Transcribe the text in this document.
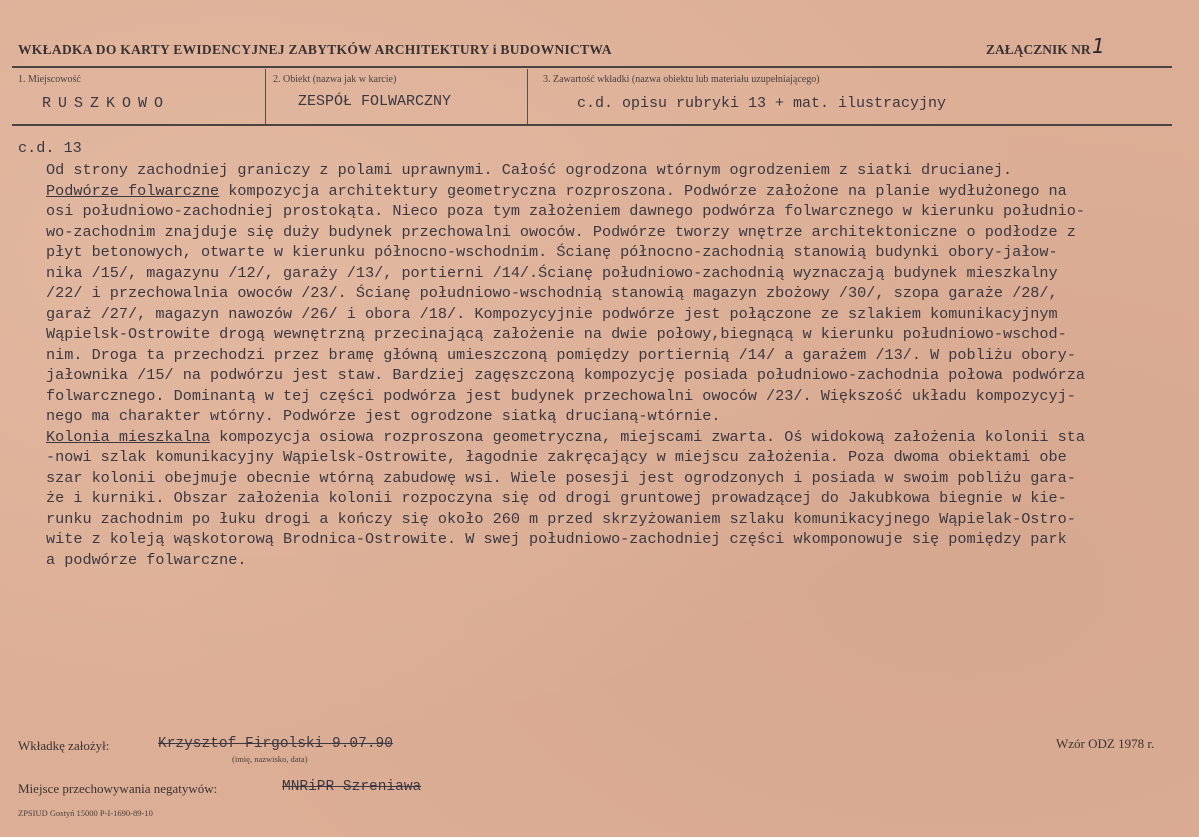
WKŁADKA DO KARTY EWIDENCYJNEJ ZABYTKÓW ARCHITEKTURY i BUDOWNICTWA	ZAŁĄCZNIK NR 1
1. Miejscowość
RUSZKOWO
2. Obiekt (nazwa jak w karcie)
ZESPÓŁ FOLWARCZNY
3. Zawartość wkładki (nazwa obiektu lub materiału uzupełniającego)
c.d. opisu rubryki 13 + mat. ilustracyjny
c.d. 13
Od strony zachodniej graniczy z polami uprawnymi. Całość ogrodzona wtórnym ogrodzeniem z siatki drucianej.
Podwórze folwarczne kompozycja architektury geometryczna rozproszona. Podwórze założone na planie wydłużonego na
osi południowo-zachodniej prostokąta. Nieco poza tym założeniem dawnego podwórza folwarcznego w kierunku południo-
wo-zachodnim znajduje się duży budynek przechowalni owoców. Podwórze tworzy wnętrze architektoniczne o podłodze z
płyt betonowych, otwarte w kierunku północno-wschodnim. Ścianę północno-zachodnią stanowią budynki obory-jałow-
nika /15/, magazynu /12/, garaży /13/, portierni /14/.Ścianę południowo-zachodnią wyznaczają budynek mieszkalny
/22/ i przechowalnia owoców /23/. Ścianę południowo-wschodnią stanowią magazyn zbożowy /30/, szopa garaże /28/,
garaż /27/, magazyn nawozów /26/ i obora /18/. Kompozycyjnie podwórze jest połączone ze szlakiem komunikacyjnym
Wąpielsk-Ostrowite drogą wewnętrzną przecinającą założenie na dwie połowy,biegnącą w kierunku południowo-wschod-
nim. Droga ta przechodzi przez bramę główną umieszczoną pomiędzy portiernią /14/ a garażem /13/. W pobliżu obory-
jałownika /15/ na podwórzu jest staw. Bardziej zagęszczoną kompozycję posiada południowo-zachodnia połowa podwórza
folwarcznego. Dominantą w tej części podwórza jest budynek przechowalni owoców /23/. Większość układu kompozycyj-
nego ma charakter wtórny. Podwórze jest ogrodzone siatką drucianą-wtórnie.
Kolonia mieszkalna kompozycja osiowa rozproszona geometryczna, miejscami zwarta. Oś widokową założenia kolonii sta
-nowi szlak komunikacyjny Wąpielsk-Ostrowite, łagodnie zakręcający w miejscu założenia. Poza dwoma obiektami obe
szar kolonii obejmuje obecnie wtórną zabudowę wsi. Wiele posesji jest ogrodzonych i posiada w swoim pobliżu gara-
że i kurniki. Obszar założenia kolonii rozpoczyna się od drogi gruntowej prowadzącej do Jakubkowa biegnie w kie-
runku zachodnim po łuku drogi a kończy się około 260 m przed skrzyżowaniem szlaku komunikacyjnego Wąpielak-Ostro-
wite z koleją wąskotorową Brodnica-Ostrowite. W swej południowo-zachodniej części wkomponowuje się pomiędzy park
a podwórze folwarczne.
Wkładkę założył:	Krzysztof Firgolski 9.07.90
(imię, nazwisko, data)
Wzór ODZ 1978 r.
Miejsce przechowywania negatywów:	MNRiPR Szreniawa
ZPSIUD Gostyń 15000 P-I-1690-89-10
